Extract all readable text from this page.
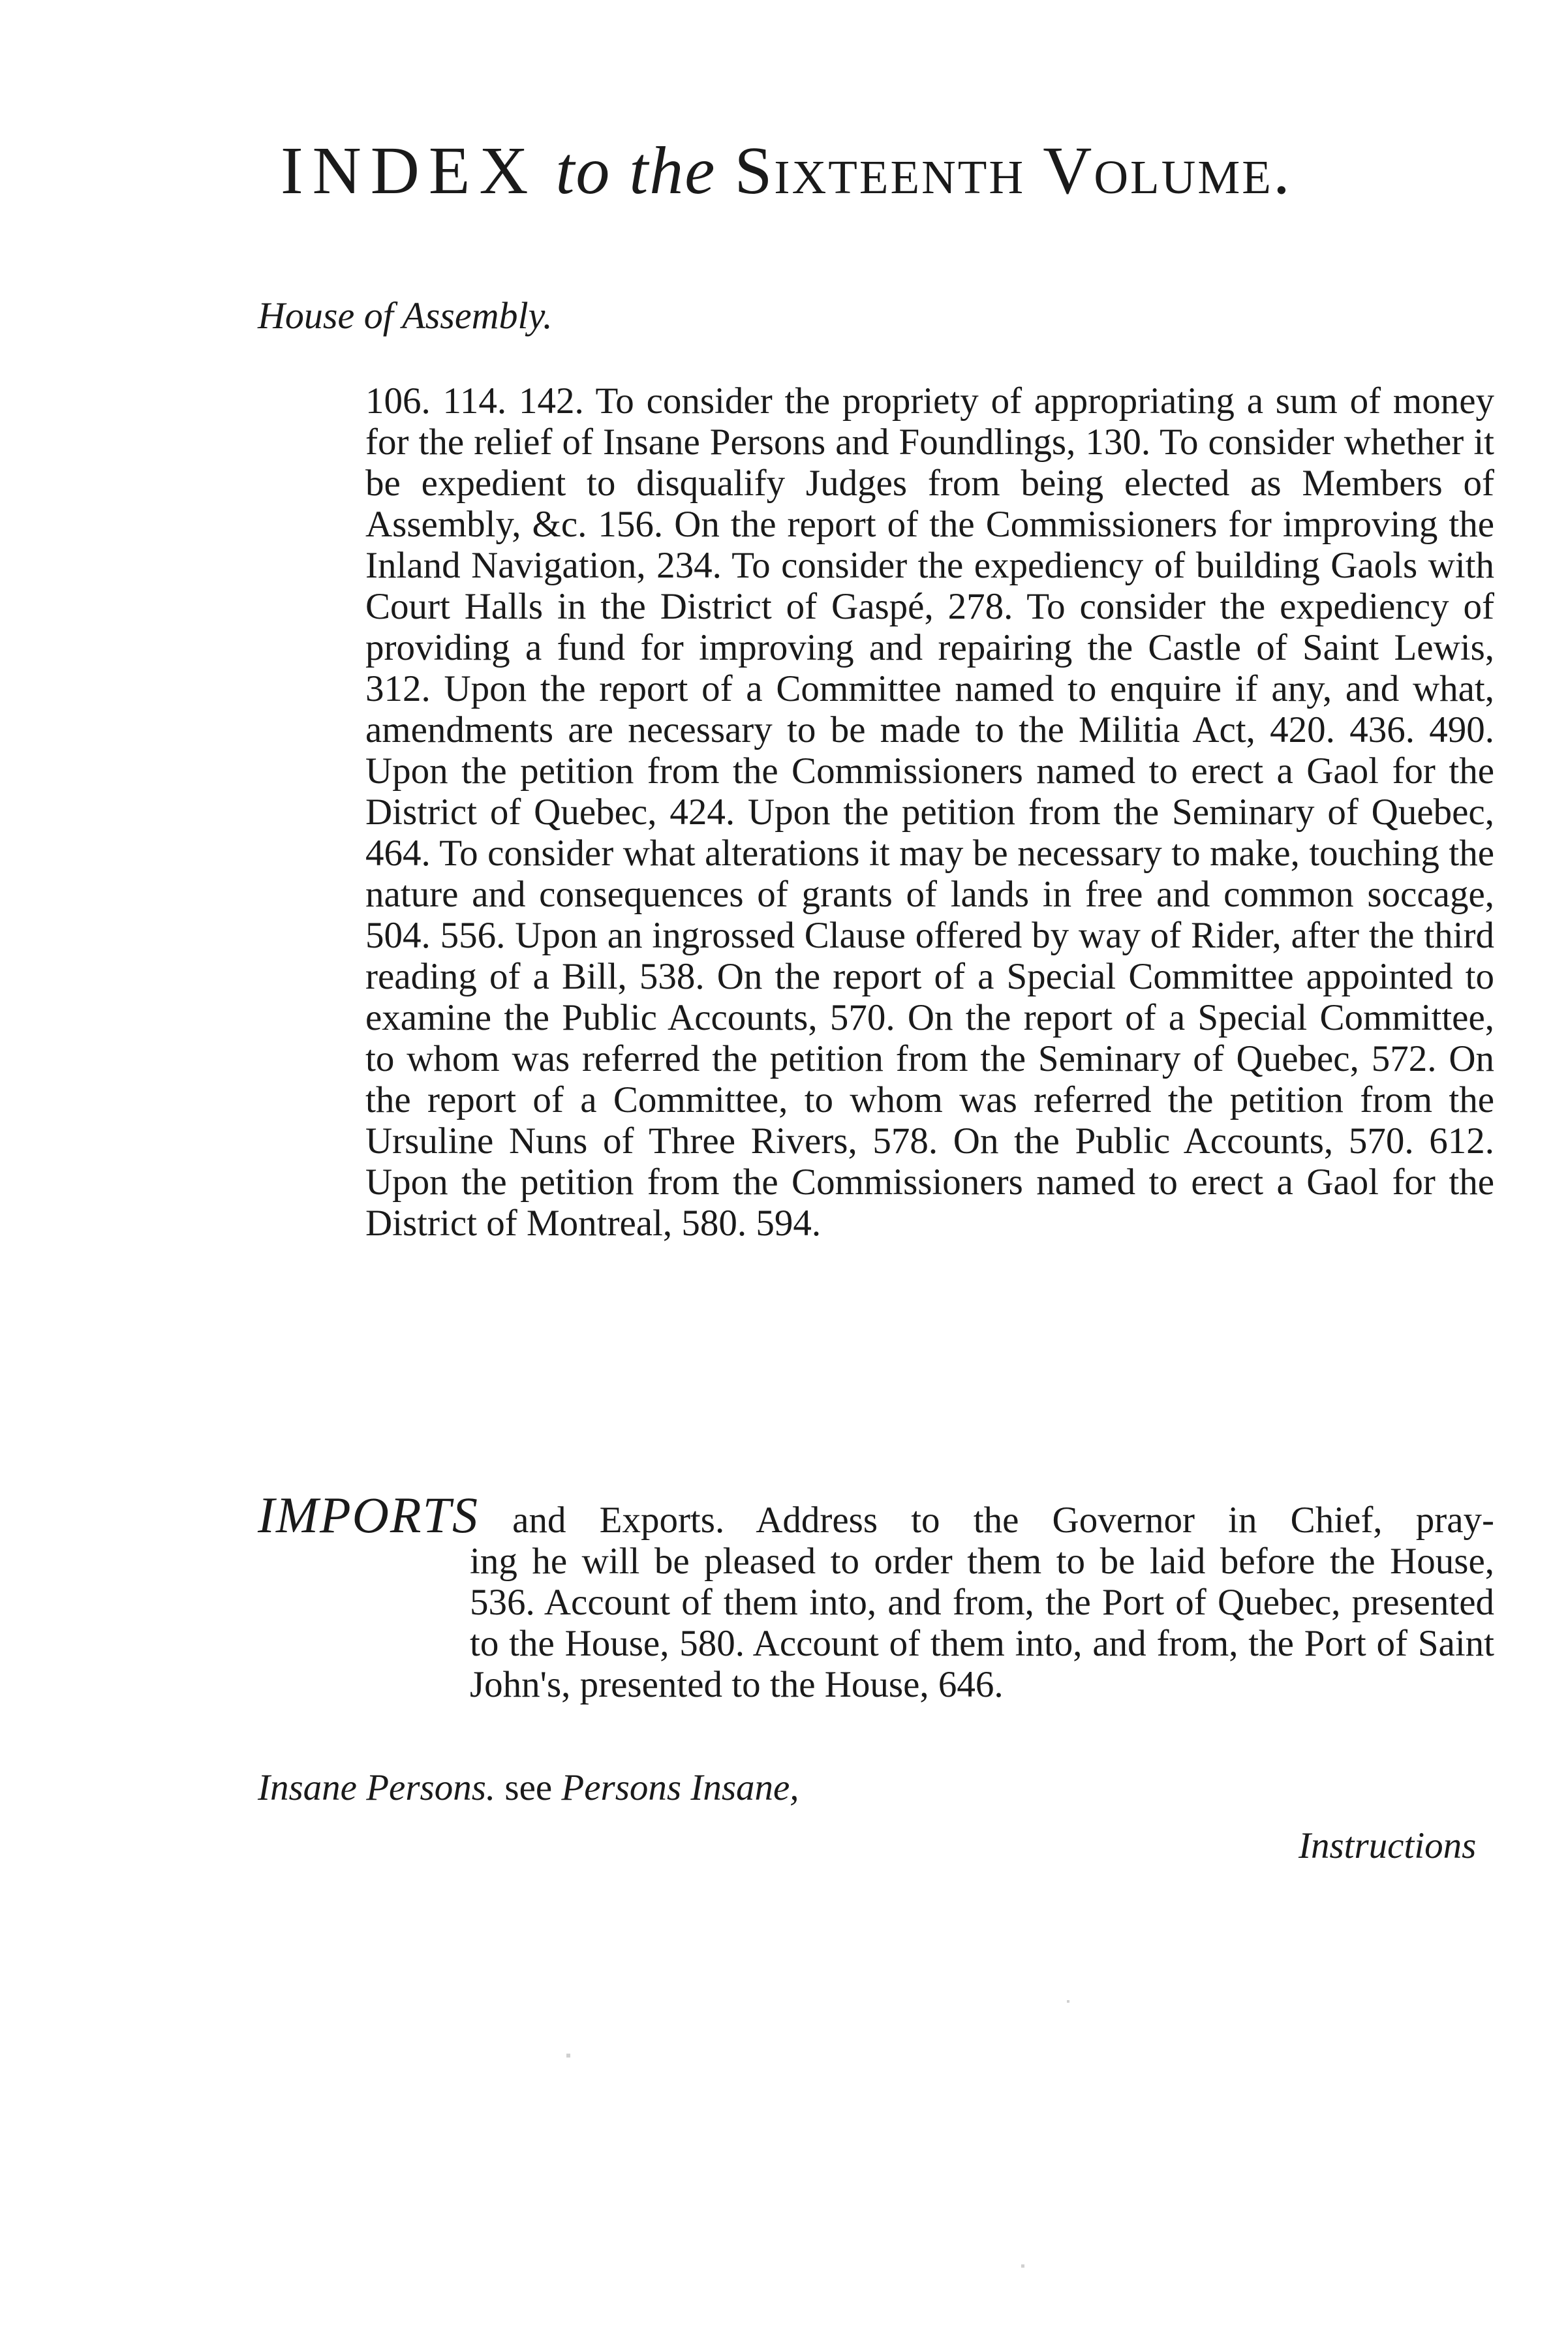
INDEX to the Sixteenth Volume.
House of Assembly.
106. 114. 142. To consider the propriety of appropriating a sum of money for the relief of Insane Persons and Foundlings, 130. To consider whether it be expedient to disqualify Judges from being elected as Members of Assembly, &c. 156. On the report of the Commissioners for improving the Inland Navigation, 234. To consider the expediency of building Gaols with Court Halls in the District of Gaspé, 278. To consider the expediency of providing a fund for improving and repairing the Castle of Saint Lewis, 312. Upon the report of a Committee named to enquire if any, and what, amendments are necessary to be made to the Militia Act, 420. 436. 490. Upon the petition from the Commissioners named to erect a Gaol for the District of Quebec, 424. Upon the petition from the Seminary of Quebec, 464. To consider what alterations it may be necessary to make, touching the nature and consequences of grants of lands in free and common soccage, 504. 556. Upon an ingrossed Clause offered by way of Rider, after the third reading of a Bill, 538. On the report of a Special Committee appointed to examine the Public Accounts, 570. On the report of a Special Committee, to whom was referred the petition from the Seminary of Quebec, 572. On the report of a Committee, to whom was referred the petition from the Ursuline Nuns of Three Rivers, 578. On the Public Accounts, 570. 612. Upon the petition from the Commissioners named to erect a Gaol for the District of Montreal, 580. 594.
IMPORTS and Exports. Address to the Governor in Chief, pray-
ing he will be pleased to order them to be laid before the House, 536. Account of them into, and from, the Port of Quebec, presented to the House, 580. Account of them into, and from, the Port of Saint John's, presented to the House, 646.
Insane Persons. see Persons Insane,
Instructions
